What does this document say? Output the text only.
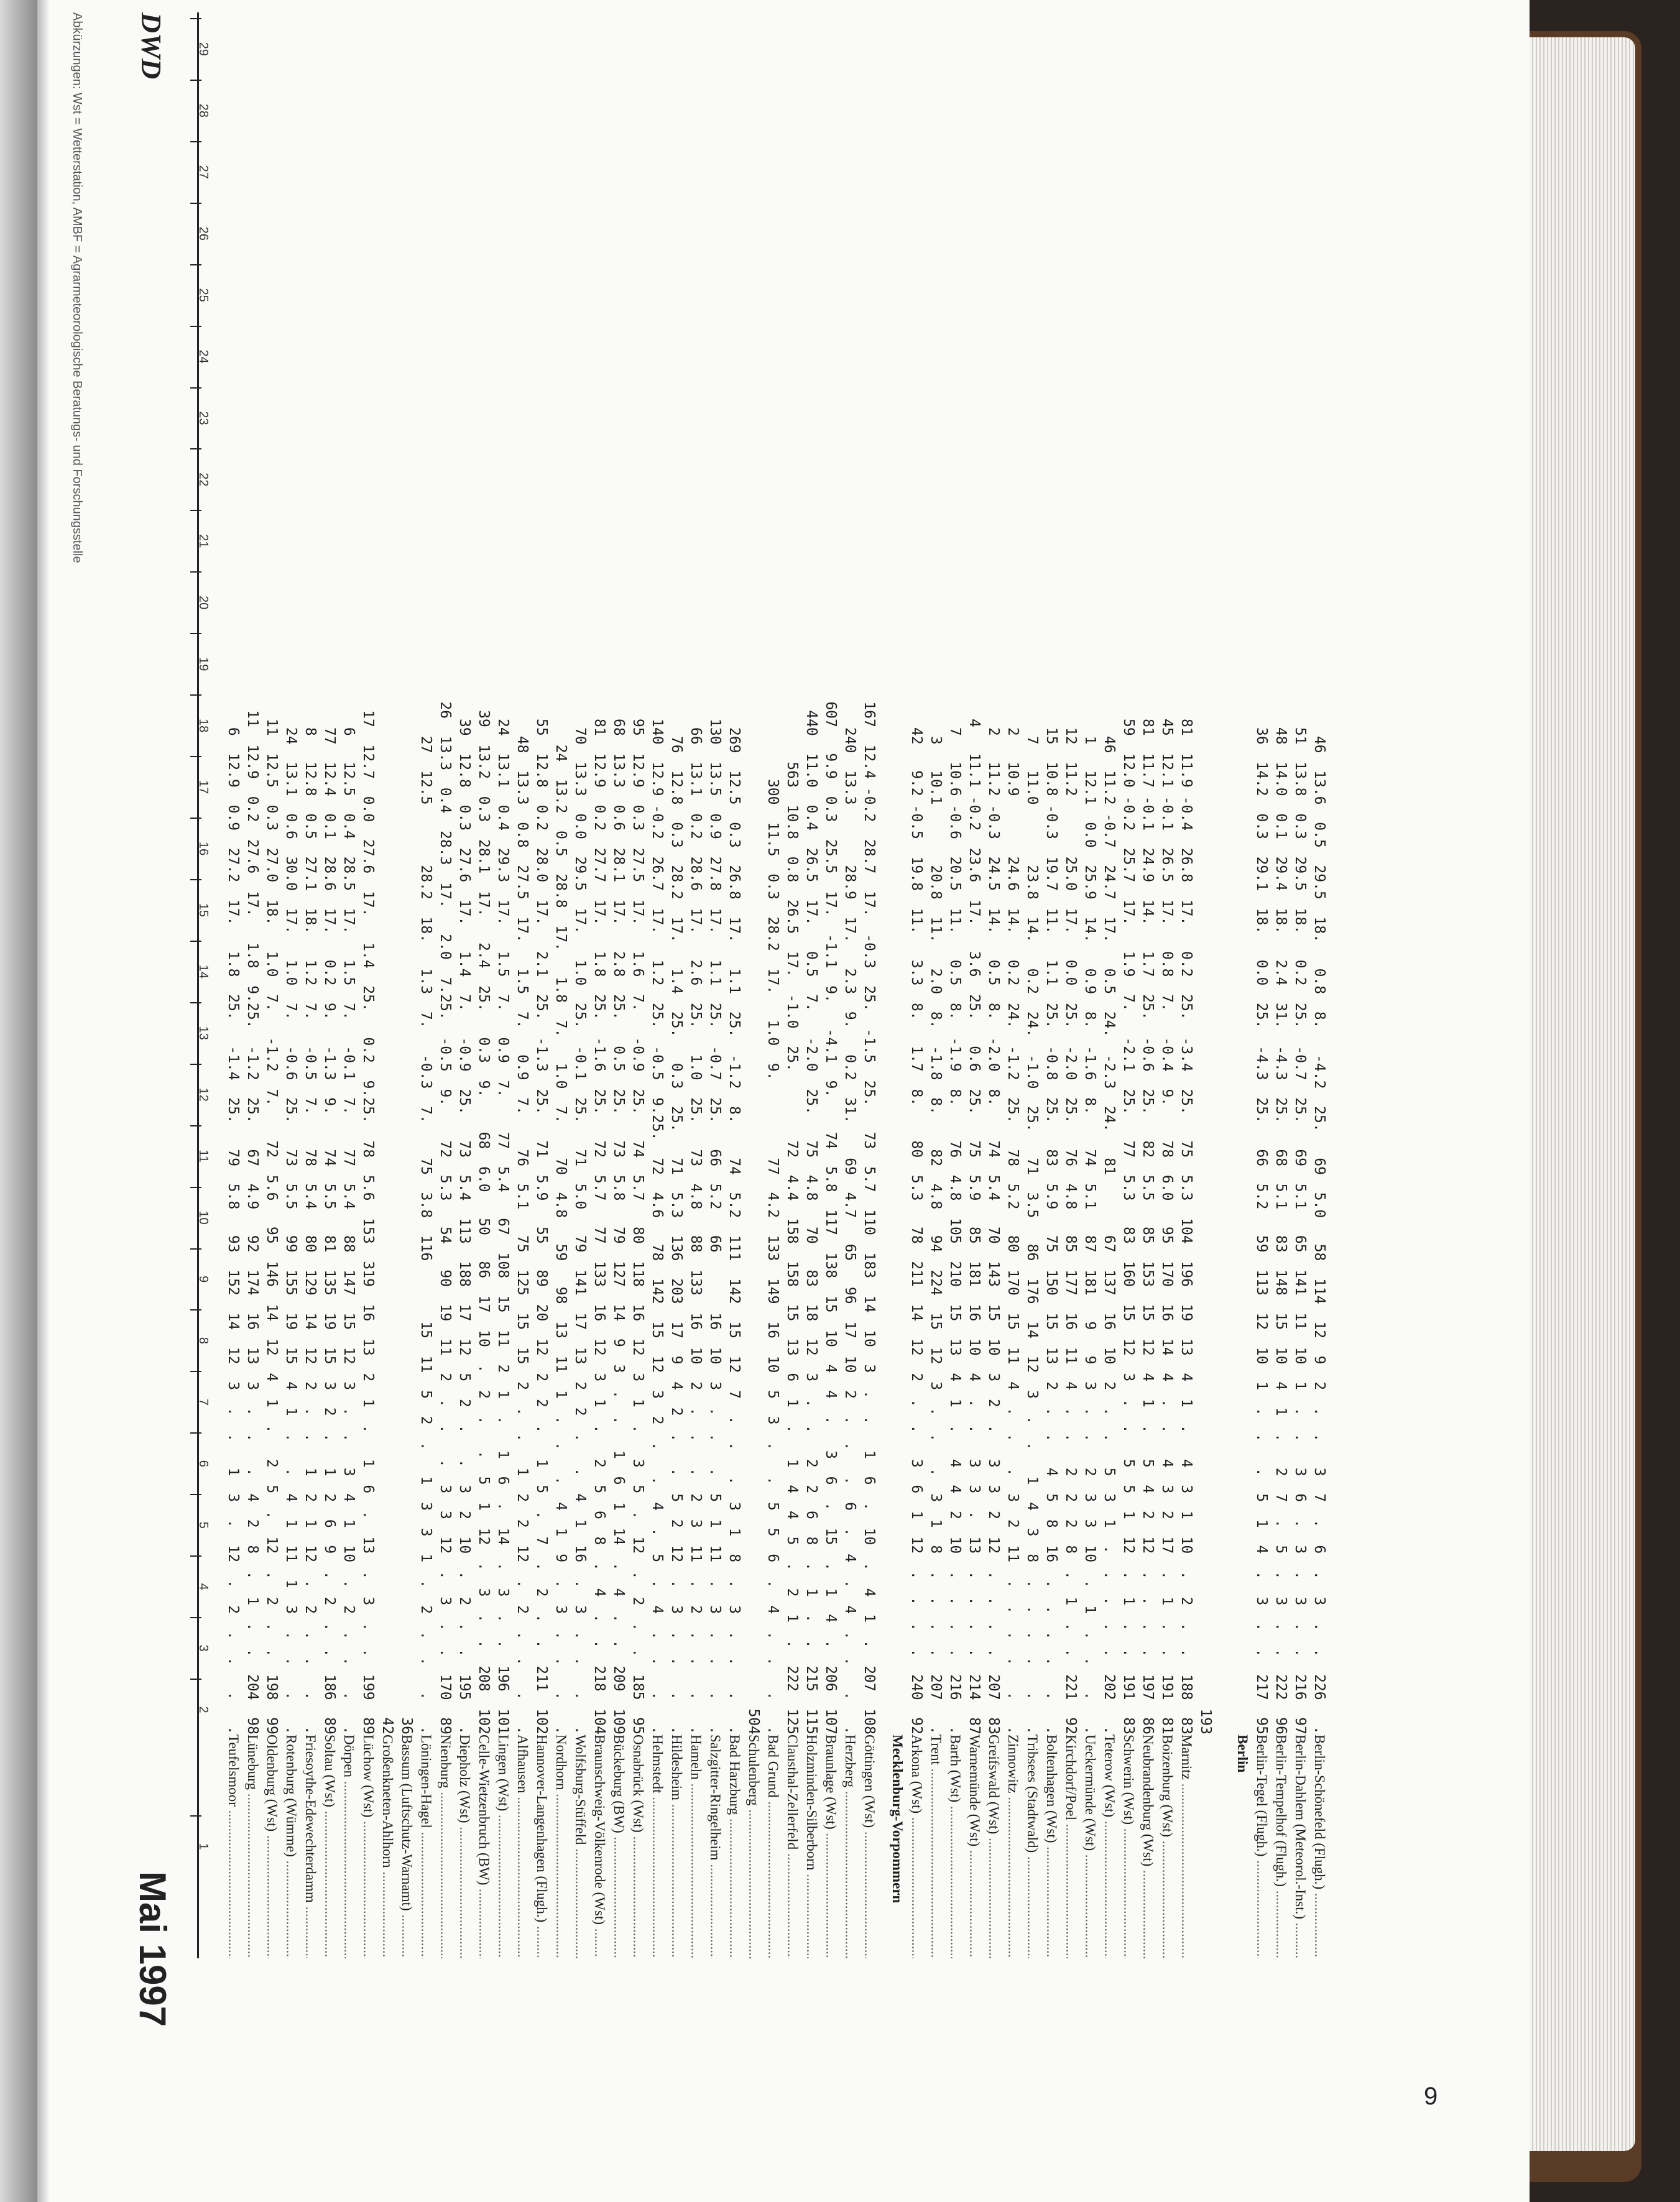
1
2
3
4
5
6
7
8
9
10
11
12
13
14
15
16
17
18
19
20
21
22
23
24
25
26
27
28
29
DWD
Mai 1997
Abkürzungen: Wst = Wetterstation, AMBF = Agrarmeteorologische Beratungs- und Forschungsstelle
6  12.9  0.9  27.2  17.   1.8  25.   -1.4  25.   79  5.8   93  152  14  12  3  .  .   1  3  .  12  .  2  .  .   .   .
Teufelsmoor .....
11  12.9  0.2  27.6  17.   1.8  9.25.  -1.2  25.   67  4.9   92  174  16  13  3  .  .   .  4  2  8  .  1  .  .  204  98
Lüneburg .....
11  12.5  0.3  27.0  18.   1.0  7.   -1.2  7.    72  5.6   95  146  14  12  4  1  .   2  5  .  12  .  2  .  .  198  99
Oldenburg (Wst) .....
24  13.1  0.6  30.0  17.   1.0  7.   -0.6  25.   73  5.5   99  155  19  15  4  1  .   .  4  1  11  1  3  .  .   .   .
Rotenburg (Wümme) .....
8   12.8  0.5  27.1  18.   1.2  7.   -0.5  7.    78  5.4   80  129  14  12  2  .  .   1  2  1  12  .  2  .  .   .   .
Friesoythe-Edewechterdamm .....
77  12.4  0.1  28.6  17.   0.2  9.   -1.3  9.    74  5.5   81  135  19  15  3  2  .   1  2  6  9  .  2  .  .  186  89
Soltau (Wst) .....
6   12.5  0.4  28.5  17.   1.5  7.   -0.1  7.    77  5.4   88  147  15  12  3  .  .   3  4  1  10  .  2  .  .   .   .
Dörpen .....
17  12.7  0.0  27.6  17.   1.4  25.   0.2  9.25.  78  5.6  153  319  16  13  2  1  .   1  6  .  13  .  3  .  .  199  89
Lüchow (Wst) .....
42
Großenkneten-Ahlhorn .....
36
Bassum (Luftschutz-Warnamt) .....
27  12.5       28.2  18.   1.3  7.   -0.3  7.    75  3.8  116       15  11  5  2  .   1  3  3  1  .  2  .  .   .   .
Löningen-Hagel .....
26  13.3  0.4  28.3  17.   2.0  7.25.  -0.5  9.    72  5.3   54   90  19  11  2  .  .   .  3  3  12  .  3  .  .  170  89
Nienburg .....
39  12.8  0.3  27.6  17.   1.4  7.   -0.9  25.   73  5.4  113  188  17  12  5  2  .   .  3  2  10  .  2  .  .  195   .
Diepholz (Wst) .....
39  13.2  0.3  28.1  17.   2.4  25.   0.3  9.    68  6.0   50   86  17  10  .  2  .   .  5  1  12  .  3  .  .  208  102
Celle-Wietzenbruch (BW) .....
24  13.1  0.4  29.3  17.   1.5  7.   0.9  7.    77  5.4   67  108  15  11  2  1  .   1  6  .  14  .  3  .  .  196  101
Lingen (Wst) .....
48  13.3  0.8  27.5  17.   1.5  7.   0.9  7.    76  5.1   75  125  15  15  2  .  .   1  2  2  12  .  2  .  .   .   .
Alfhausen .....
55  12.8  0.2  28.0  17.   2.1  25.  -1.3  25.   71  5.9   55   89  20  12  2  2  .   1  5  .  7  .  2  .  .  211  102
Hannover-Langenhagen (Flugh.) .....
24  13.2  0.5  28.8  17.   1.8  7.   1.0  7.    70  4.8   59   98  13  11  1  .  .   .  4  1  9  .  3  .  .   .   .
Nordhorn .....
70  13.3  0.0  29.5  17.   1.0  25.  -0.1  25.   71  5.0   79  141  17  13  2  2  .   .  4  1  16  .  3  .  .   .   .
Wolfsburg-Stüffeld .....
81  12.9  0.2  27.7  17.   1.8  25.  -1.6  25.   72  5.7   77  133  16  12  3  1  .   2  5  6  8  .  4  .  .  218  104
Braunschweig-Völkenrode (Wst) .....
68  13.3  0.6  28.1  17.   2.8  25.   0.5  25.   73  5.8   79  127  14  9  3  .  .   1  6  1  14  .  4  .  .  209  109
Bückeburg (BW) .....
95  12.9  0.3  27.5  17.   1.6  7.   -0.9  25.   74  5.7   80  118  16  12  3  1  .   3  5  .  12  .  2  .  .  185  95
Osnabrück (Wst) .....
140  12.9 -0.2  26.7  17.   1.2  25.  -0.5  9.25.  72  4.6   78  142  15  12  3  2  .   .  4  .  5  .  4  .  .   .   .
Helmstedt .....
76  12.8  0.3  28.2  17.   1.4  25.   0.3  25.   71  5.3  136  203  17  9  4  2  .   .  5  2  12  .  3  .  .   .   .
Hildesheim .....
66  13.1  0.2  28.6  17.   2.6  25.   1.0  25.   73  4.8   88  133  16  10  2  .  .   .  2  3  11  .  2  .  .   .   .
Hameln .....
130  13.5  0.9  27.8  17.   1.1  25.  -0.7  25.   66  5.2   66       16  10  3  .  .   .  5  1  11  .  3  .  .   .   .
Salzgitter-Ringelheim .....
269  12.5  0.3  26.8  17.   1.1  25.  -1.2  8.    74  5.2  111  142  15  12  7  .  .   .  3  1  8  .  3  .  .   .   .
Bad Harzburg .....
504
Schulenberg .....
300  11.5  0.3  28.2  17.   1.0  9.         77  4.2  133  149  16  10  5  3  .   .  5  5  6  .  4  .  .   .   .
Bad Grund .....
563  10.8  0.8  26.5  17.  -1.0  25.        72  4.4  158  158  15  13  6  1  .   1  4  4  5  .  2  1  .  222  125
Clausthal-Zellerfeld .....
440  11.0  0.4  26.5  17.   0.5  7.   -2.0  25.   75  4.8   70   83  18  12  3  .  .   2  2  6  8  .  1  .  .  215  115
Holzminden-Silberborn .....
607   9.9  0.3  25.5  17.  -1.1  9.   -4.1  9.    74  5.8  117  138  15  10  4  4  .   3  6  .  15  .  1  4  .  206  107
Braunlage (Wst) .....
240  13.3       28.9  17.   2.3  9.   0.2  31.    69  4.7   65   96  17  10  2  .  .   .  6  .  4  .  4  .  .   .   .
Herzberg .....
167  12.4 -0.2  28.7  17.  -0.3  25.  -1.5  25.   73  5.7  110  183  14  10  3  .  .   1  6  .  10  .  4  1  .  207  108
Göttingen (Wst) ..... Mecklenburg-Vorpommern
42   9.2 -0.5  19.8  11.   3.3  8.   1.7  8.    80  5.3   78  211  14  12  2  .  .   3  6  1  12  .  .  .  .  240  92
Arkona (Wst) .....
3   10.1       20.8  11.   2.0  8.  -1.8  8.    82  4.8   94  224  15  12  3  .  .   .  3  1  8  .  .  .  .  207   .
Trent .....
7   10.6 -0.6  20.5  11.   0.5  8.  -1.9  8.    76  4.8  105  210  15  13  4  1  .   4  4  2  10  .  .  .  .  216   .
Barth (Wst) .....
4   11.1 -0.2  23.6  17.   3.6  25.   0.6  25.   75  5.9   85  181  16  10  4  .  .   3  3  .  13  .  .  .  .  214  87
Warnemünde (Wst) .....
2   11.2 -0.3  24.5  14.   0.5  8.  -2.0  8.    74  5.4   70  143  15  10  3  2  .   3  3  2  12  .  .  .  .  207  83
Greifswald (Wst) .....
2   10.9       24.6  14.   0.2  24.  -1.2  25.   78  5.2   80  170  15  11  4  .  .   .  3  2  11  .  .  .  .   .   .
Zinnowitz .....
7   11.0       23.8  14.   0.2  24.  -1.0  25.   71  3.5   86  176  14  12  3  .  .   1  4  3  8  .  .  .  .   .   .
Tribsees (Stadtwald) .....
15  10.8 -0.3  19.7  11.   1.1  25.  -0.8  25.   83  5.9   75  150  15  13  2  .  .   4  5  8  16  .  .  .  .   .   .
Boltenhagen (Wst) .....
12  11.2       25.0  17.   0.0  25.  -2.0  25.   76  4.8   85  177  16  11  4  .  .   2  2  2  8  .  1  .  .  221  92
Kirchdorf/Poel .....
1   12.1  0.0  25.9  14.   0.9  8.  -1.6  8.    74  5.1   87  181   9   9  3  .  .   2  3  3  10  .  1  .  .   .   .
Ueckermünde (Wst) .....
46  11.2 -0.7  24.7  17.   0.5  24.  -2.3  24.   81       67  137  16  10  2  .  .   5  3  1  .  .  .  .  .  202   .
Teterow (Wst) .....
59  12.0 -0.2  25.7  17.   1.9  7.   -2.1  25.   77  5.3   83  160  15  12  3  .  .   5  5  1  12  .  1  .  .  191  83
Schwerin (Wst) .....
81  11.7 -0.1  24.9  14.   1.7  25.  -0.6  25.   82  5.5   85  153  15  12  4  1  .   5  4  2  12  .  .  .  .  197  86
Neubrandenburg (Wst) .....
45  12.1 -0.1  26.5  17.   0.8  7.   -0.4  9.    78  6.0   95  170  16  14  4  .  .   4  3  2  17  .  1  .  .  191  81
Boizenburg (Wst) .....
81  11.9 -0.4  26.8  17.   0.2  25.  -3.4  25.   75  5.3  104  196  19  13  4  1  .   4  3  1  10  .  2  .  .  188  83
Marnitz .....
193
Berlin
36  14.2  0.3  29.1  18.   0.0  25.  -4.3  25.   66  5.2   59  113  12  10  1  .  .   .  5  1  4  .  3  .  .  217  95
Berlin-Tegel (Flugh.) .....
48  14.0  0.1  29.4  18.   2.4  31.  -4.3  25.   68  5.1   83  148  15  10  4  1  .   2  7  .  5  .  3  .  .  222  96
Berlin-Tempelhof (Flugh.) .....
51  13.8  0.3  29.5  18.   0.2  25.  -0.7  25.   69  5.1   65  141  11  10  1  .  .   3  6  .  3  .  3  .  .  216  97
Berlin-Dahlem (Meteorol.-Inst.) .....
46  13.6  0.5  29.5  18.   0.8  8.   -4.2  25.   69  5.0   58  114  12  9  2  .  .   3  7  .  6  .  3  .  .  226   .
Berlin-Schönefeld (Flugh.) .....
9
